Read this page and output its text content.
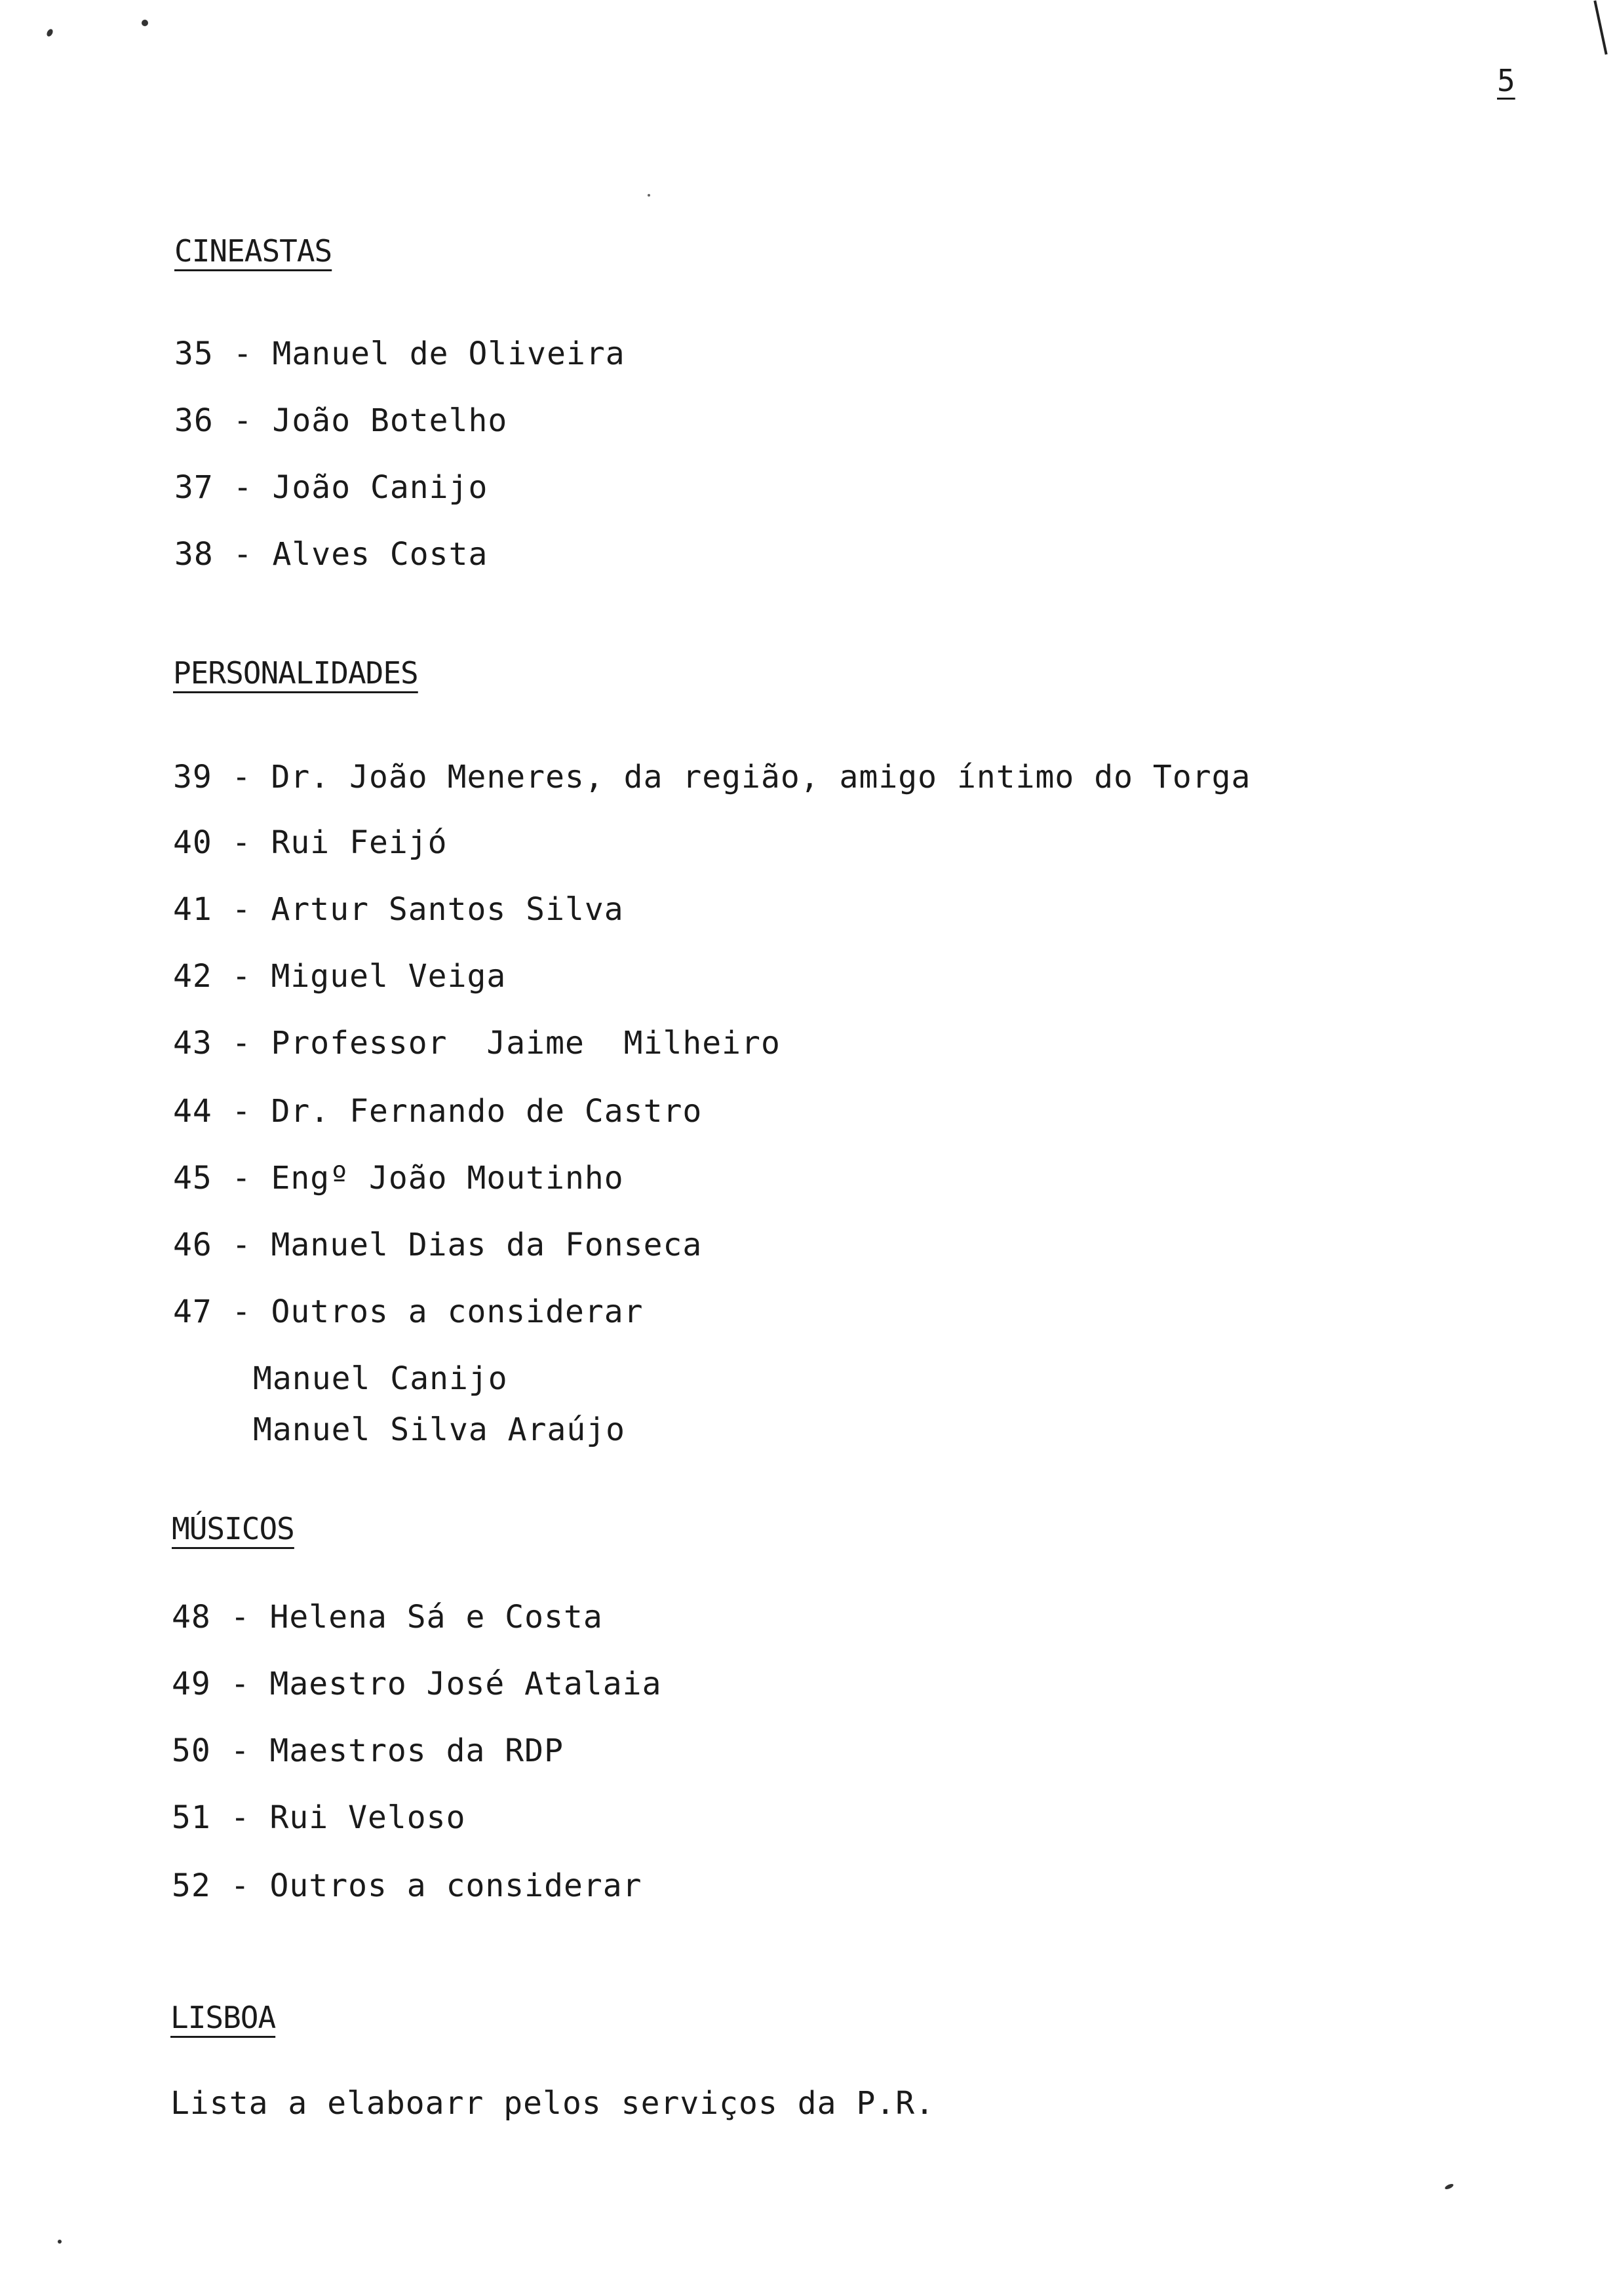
5
CINEASTAS
35 - Manuel de Oliveira
36 - João Botelho
37 - João Canijo
38 - Alves Costa
PERSONALIDADES
39 - Dr. João Meneres, da região, amigo íntimo do Torga
40 - Rui Feijó
41 - Artur Santos Silva
42 - Miguel Veiga
43 - Professor  Jaime  Milheiro
44 - Dr. Fernando de Castro
45 - Engº João Moutinho
46 - Manuel Dias da Fonseca
47 - Outros a considerar
Manuel Canijo
Manuel Silva Araújo
MÚSICOS
48 - Helena Sá e Costa
49 - Maestro José Atalaia
50 - Maestros da RDP
51 - Rui Veloso
52 - Outros a considerar
LISBOA
Lista a elaboarr pelos serviços da P.R.
